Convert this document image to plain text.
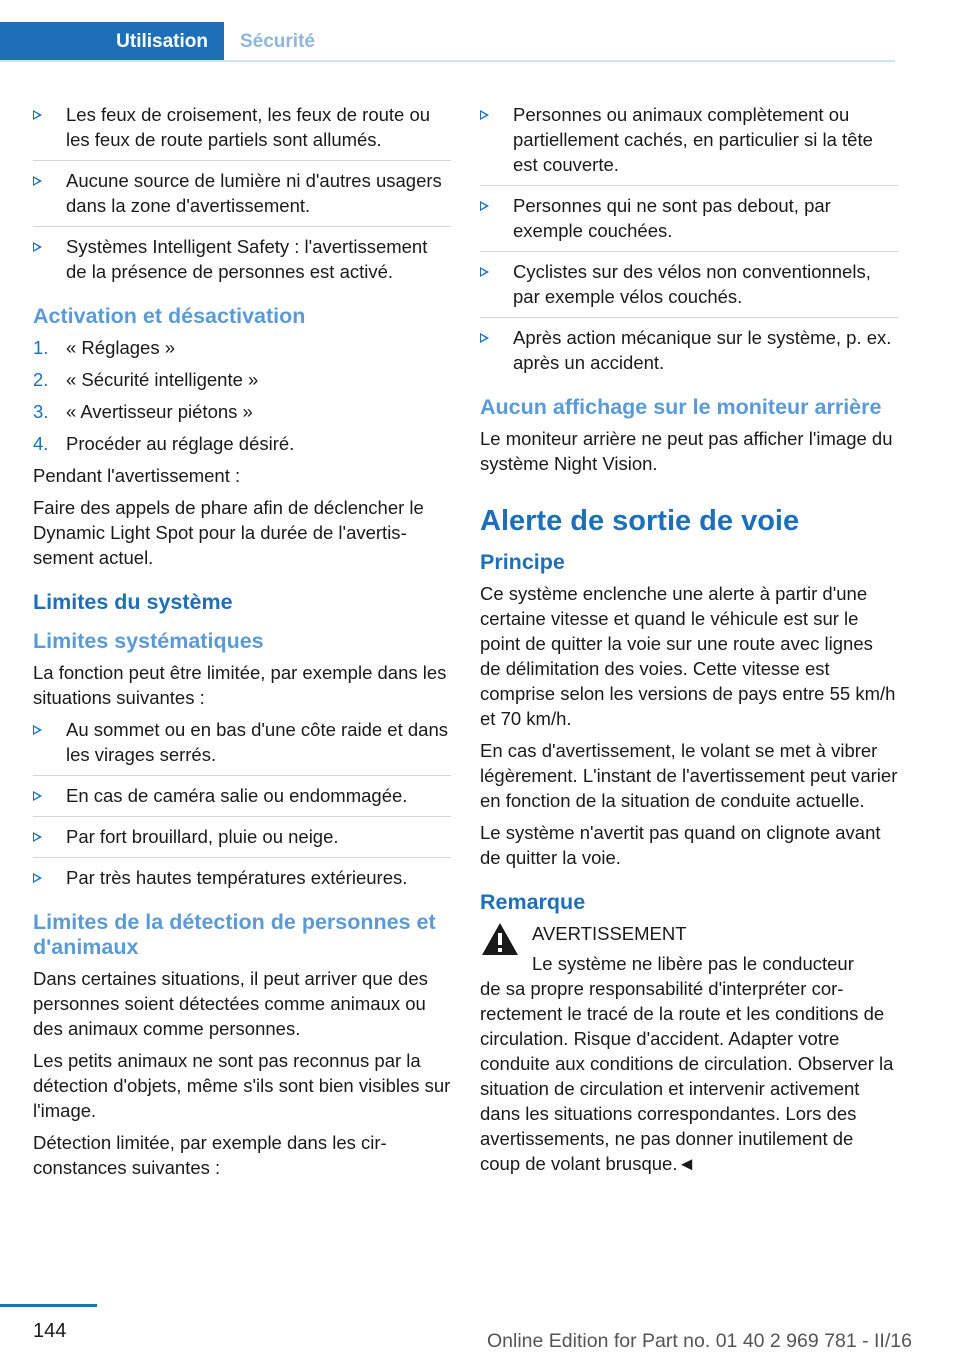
Utilisation	Sécurité
Les feux de croisement, les feux de route ou les feux de route partiels sont allumés.
Aucune source de lumière ni d'autres usagers dans la zone d'avertissement.
Systèmes Intelligent Safety : l'avertissement de la présence de personnes est activé.
Activation et désactivation
1. « Réglages »
2. « Sécurité intelligente »
3. « Avertisseur piétons »
4. Procéder au réglage désiré.

Pendant l'avertissement :

Faire des appels de phare afin de déclencher le Dynamic Light Spot pour la durée de l'avertissement actuel.

Limites du système
Limites systématiques

La fonction peut être limitée, par exemple dans les situations suivantes :

Au sommet ou en bas d'une côte raide et dans les virages serrés.
En cas de caméra salie ou endommagée.
Par fort brouillard, pluie ou neige.
Par très hautes températures extérieures.
Limites de la détection de personnes et d'animaux

Dans certaines situations, il peut arriver que des personnes soient détectées comme animaux ou des animaux comme personnes.

Les petits animaux ne sont pas reconnus par la détection d'objets, même s'ils sont bien visibles sur l'image.

Détection limitée, par exemple dans les circonstances suivantes :

Personnes ou animaux complètement ou partiellement cachés, en particulier si la tête est couverte.
Personnes qui ne sont pas debout, par exemple couchées.
Cyclistes sur des vélos non conventionnels, par exemple vélos couchés.
Après action mécanique sur le système, p. ex. après un accident.
Aucun affichage sur le moniteur arrière

Le moniteur arrière ne peut pas afficher l'image du système Night Vision.

Alerte de sortie de voie
Principe

Ce système enclenche une alerte à partir d'une certaine vitesse et quand le véhicule est sur le point de quitter la voie sur une route avec lignes de délimitation des voies. Cette vitesse est comprise selon les versions de pays entre 55 km/h et 70 km/h.

En cas d'avertissement, le volant se met à vibrer légèrement. L'instant de l'avertissement peut varier en fonction de la situation de conduite actuelle.

Le système n'avertit pas quand on clignote avant de quitter la voie.

Remarque
AVERTISSEMENT
Le système ne libère pas le conducteur
de sa propre responsabilité d'interpréter correctement le tracé de la route et les conditions de circulation. Risque d'accident. Adapter votre conduite aux conditions de circulation. Observer la situation de circulation et intervenir activement dans les situations correspondantes. Lors des avertissements, ne pas donner inutilement de coup de volant brusque.◄
144	Online Edition for Part no. 01 40 2 969 781 - II/16
